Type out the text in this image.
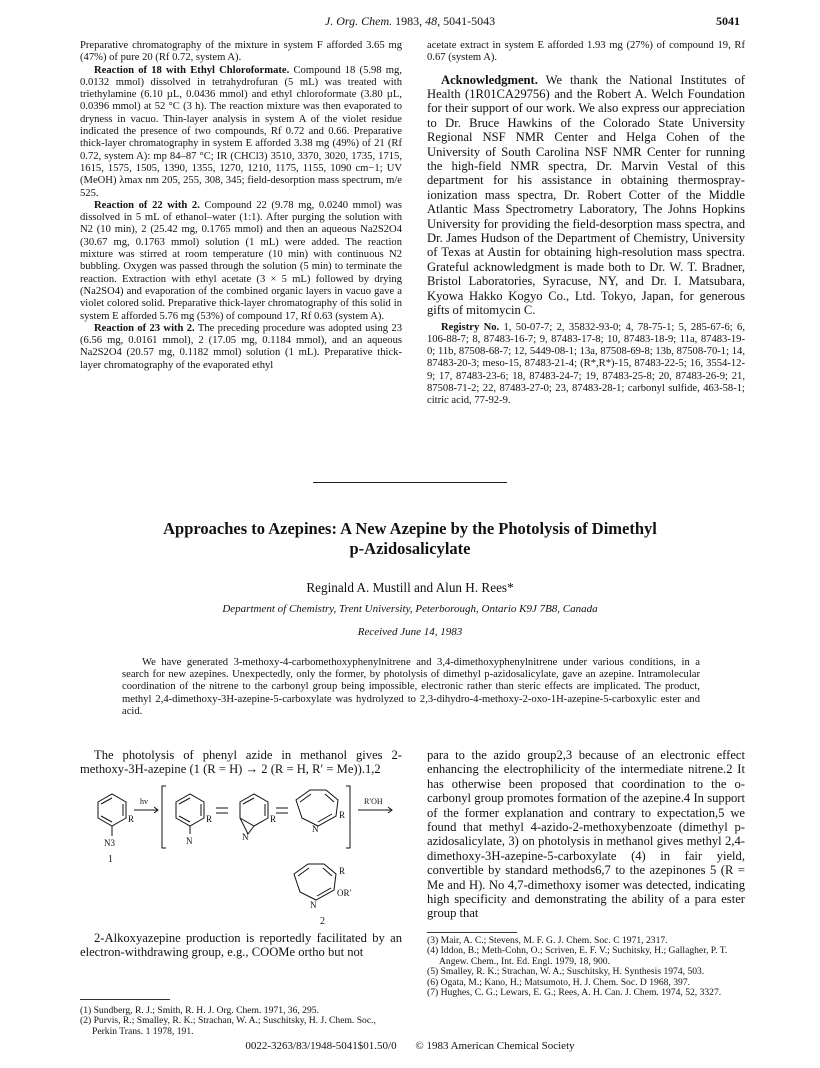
J. Org. Chem. 1983, 48, 5041-5043	5041

Preparative chromatography of the mixture in system F afforded 3.65 mg (47%) of pure 20 (Rf 0.72, system A).

Reaction of 18 with Ethyl Chloroformate. Compound 18 (5.98 mg, 0.0132 mmol) dissolved in tetrahydrofuran (5 mL) was treated with triethylamine (6.10 µL, 0.0436 mmol) and ethyl chloroformate (3.80 µL, 0.0396 mmol) at 52 °C (3 h). The reaction mixture was then evaporated to dryness in vacuo. Thin-layer analysis in system A of the violet residue indicated the presence of two compounds, Rf 0.72 and 0.66. Preparative thick-layer chromatography in system E afforded 3.38 mg (49%) of 21 (Rf 0.72, system A): mp 84–87 °C; IR (CHCl3) 3510, 3370, 3020, 1735, 1715, 1615, 1575, 1505, 1390, 1355, 1270, 1210, 1175, 1155, 1090 cm−1; UV (MeOH) λmax nm 205, 255, 308, 345; field-desorption mass spectrum, m/e 525.

Reaction of 22 with 2. Compound 22 (9.78 mg, 0.0240 mmol) was dissolved in 5 mL of ethanol–water (1:1). After purging the solution with N2 (10 min), 2 (25.42 mg, 0.1765 mmol) and then an aqueous Na2S2O4 (30.67 mg, 0.1763 mmol) solution (1 mL) were added. The reaction mixture was stirred at room temperature (10 min) with continuous N2 bubbling. Oxygen was passed through the solution (5 min) to terminate the reaction. Extraction with ethyl acetate (3 × 5 mL) followed by drying (Na2SO4) and evaporation of the combined organic layers in vacuo gave a violet colored solid. Preparative thick-layer chromatography of this solid in system E afforded 5.76 mg (53%) of compound 17, Rf 0.63 (system A).

Reaction of 23 with 2. The preceding procedure was adopted using 23 (6.56 mg, 0.0161 mmol), 2 (17.05 mg, 0.1184 mmol), and an aqueous Na2S2O4 (20.57 mg, 0.1182 mmol) solution (1 mL). Preparative thick-layer chromatography of the evaporated ethyl

acetate extract in system E afforded 1.93 mg (27%) of compound 19, Rf 0.67 (system A).

Acknowledgment. We thank the National Institutes of Health (1R01CA29756) and the Robert A. Welch Foundation for their support of our work. We also express our appreciation to Dr. Bruce Hawkins of the Colorado State University Regional NSF NMR Center and Helga Cohen of the University of South Carolina NSF NMR Center for running the high-field NMR spectra, Dr. Marvin Vestal of this department for his assistance in obtaining thermospray-ionization mass spectra, Dr. Robert Cotter of the Middle Atlantic Mass Spectrometry Laboratory, The Johns Hopkins University for providing the field-desorption mass spectra, and Dr. James Hudson of the Department of Chemistry, University of Texas at Austin for obtaining high-resolution mass spectra. Grateful acknowledgment is made both to Dr. W. T. Bradner, Bristol Laboratories, Syracuse, NY, and Dr. I. Matsubara, Kyowa Hakko Kogyo Co., Ltd. Tokyo, Japan, for generous gifts of mitomycin C.

Registry No. 1, 50-07-7; 2, 35832-93-0; 4, 78-75-1; 5, 285-67-6; 6, 106-88-7; 8, 87483-16-7; 9, 87483-17-8; 10, 87483-18-9; 11a, 87483-19-0; 11b, 87508-68-7; 12, 5449-08-1; 13a, 87508-69-8; 13b, 87508-70-1; 14, 87483-20-3; meso-15, 87483-21-4; (R*,R*)-15, 87483-22-5; 16, 3554-12-9; 17, 87483-23-6; 18, 87483-24-7; 19, 87483-25-8; 20, 87483-26-9; 21, 87508-71-2; 22, 87483-27-0; 23, 87483-28-1; carbonyl sulfide, 463-58-1; citric acid, 77-92-9.

Approaches to Azepines: A New Azepine by the Photolysis of Dimethyl
p-Azidosalicylate
Reginald A. Mustill and Alun H. Rees*
Department of Chemistry, Trent University, Peterborough, Ontario K9J 7B8, Canada
Received June 14, 1983
We have generated 3-methoxy-4-carbomethoxyphenylnitrene and 3,4-dimethoxyphenylnitrene under various conditions, in a search for new azepines. Unexpectedly, only the former, by photolysis of dimethyl p-azidosalicylate, gave an azepine. Intramolecular coordination of the nitrene to the carbonyl group being impossible, electronic rather than steric effects are implicated. The product, methyl 2,4-dimethoxy-3H-azepine-5-carboxylate was hydrolyzed to 2,3-dihydro-4-methoxy-2-oxo-1H-azepine-5-carboxylic ester and acid.

The photolysis of phenyl azide in methanol gives 2-methoxy-3H-azepine (1 (R = H) → 2 (R = H, R′ = Me)).1,2

hv	R′OH
R
N3
1
R
N
R
N
R
N
R
OR′
N
2

2-Alkoxyazepine production is reportedly facilitated by an electron-withdrawing group, e.g., COOMe ortho but not

para to the azido group2,3 because of an electronic effect enhancing the electrophilicity of the intermediate nitrene.2 It has otherwise been proposed that coordination to the o-carbonyl group promotes formation of the azepine.4 In support of the former explanation and contrary to expectation,5 we found that methyl 4-azido-2-methoxybenzoate (dimethyl p-azidosalicylate, 3) on photolysis in methanol gives methyl 2,4-dimethoxy-3H-azepine-5-carboxylate (4) in fair yield, convertible by standard methods6,7 to the azepinones 5 (R = Me and H). No 4,7-dimethoxy isomer was detected, indicating high specificity and demonstrating the ability of a para ester group that

(3) Mair, A. C.; Stevens, M. F. G. J. Chem. Soc. C 1971, 2317.
(4) Iddon, B.; Meth-Cohn, O.; Scriven, E. F. V.; Suchitsky, H.; Gallagher, P. T. Angew. Chem., Int. Ed. Engl. 1979, 18, 900.
(5) Smalley, R. K.; Strachan, W. A.; Suschitsky, H. Synthesis 1974, 503.
(6) Ogata, M.; Kano, H.; Matsumoto, H. J. Chem. Soc. D 1968, 397.
(7) Hughes, C. G.; Lewars, E. G.; Rees, A. H. Can. J. Chem. 1974, 52, 3327.
(1) Sundberg, R. J.; Smith, R. H. J. Org. Chem. 1971, 36, 295.
(2) Purvis, R.; Smalley, R. K.; Strachan, W. A.; Suschitsky, H. J. Chem. Soc., Perkin Trans. 1 1978, 191.
0022-3263/83/1948-5041$01.50/0 © 1983 American Chemical Society
